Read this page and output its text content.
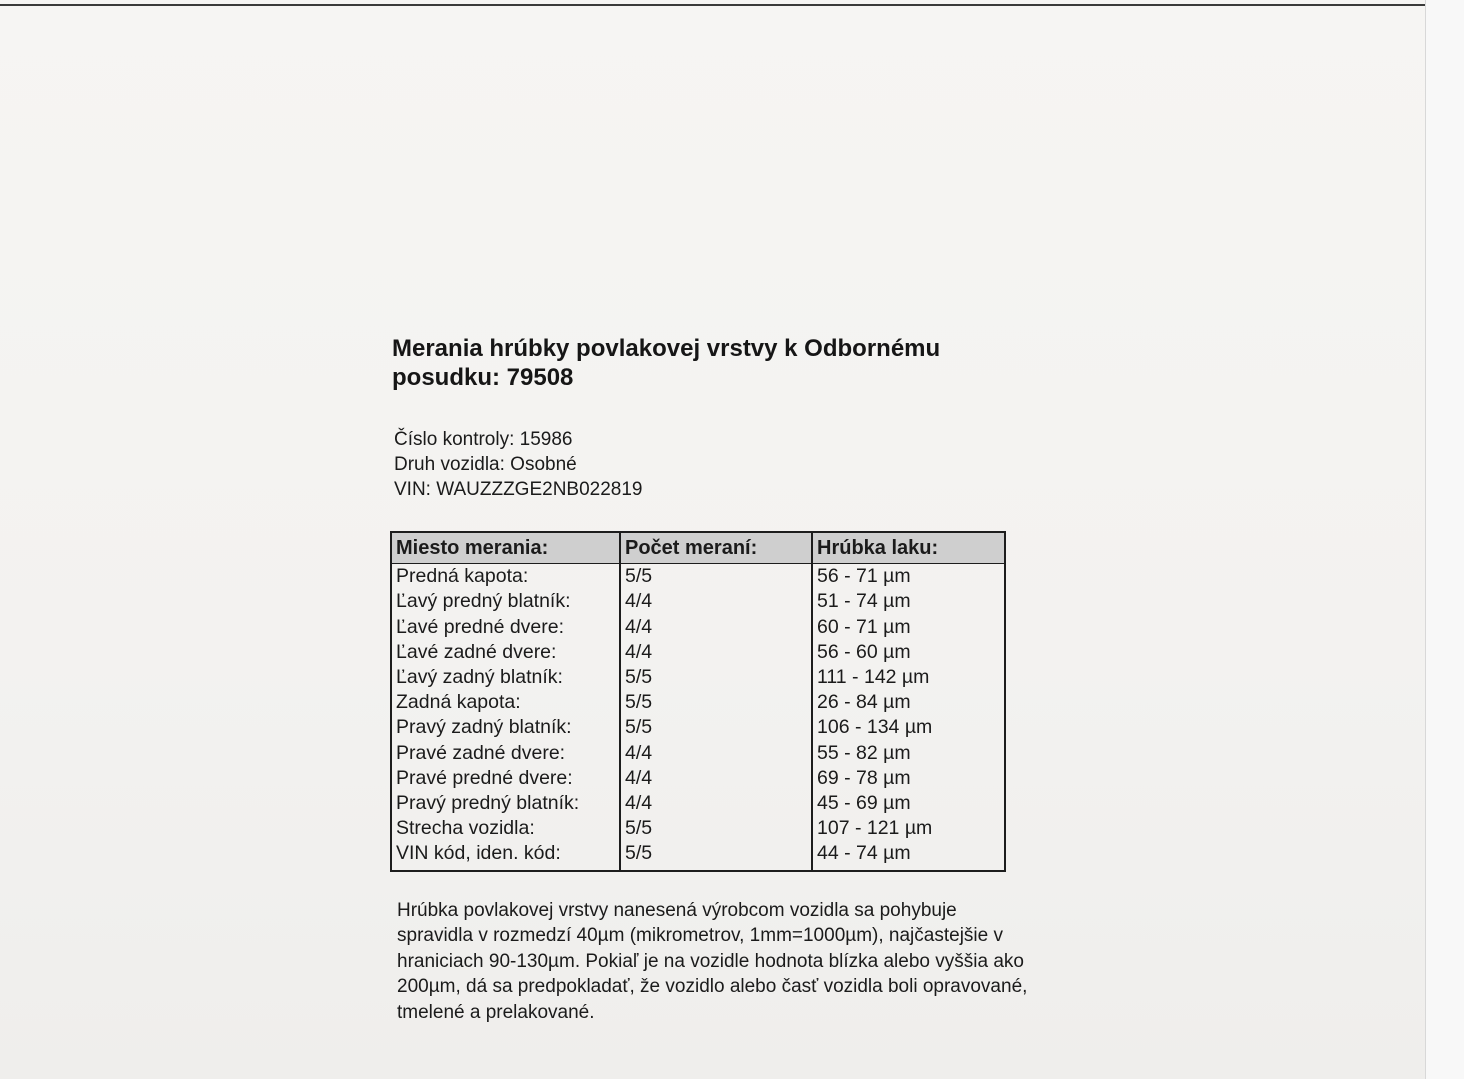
Merania hrúbky povlakovej vrstvy k Odbornému posudku: 79508
Číslo kontroly: 15986
Druh vozidla: Osobné
VIN: WAUZZZGE2NB022819
Miesto merania:	Počet meraní:	Hrúbka laku:
Predná kapota:	5/5	56 - 71 µm
Ľavý predný blatník:	4/4	51 - 74 µm
Ľavé predné dvere:	4/4	60 - 71 µm
Ľavé zadné dvere:	4/4	56 - 60 µm
Ľavý zadný blatník:	5/5	111 - 142 µm
Zadná kapota:	5/5	26 - 84 µm
Pravý zadný blatník:	5/5	106 - 134 µm
Pravé zadné dvere:	4/4	55 - 82 µm
Pravé predné dvere:	4/4	69 - 78 µm
Pravý predný blatník:	4/4	45 - 69 µm
Strecha vozidla:	5/5	107 - 121 µm
VIN kód, iden. kód:	5/5	44 - 74 µm
Hrúbka povlakovej vrstvy nanesená výrobcom vozidla sa pohybuje spravidla v rozmedzí 40µm (mikrometrov, 1mm=1000µm), najčastejšie v hraniciach 90-130µm. Pokiaľ je na vozidle hodnota blízka alebo vyššia ako 200µm, dá sa predpokladať, že vozidlo alebo časť vozidla boli opravované, tmelené a prelakované.
